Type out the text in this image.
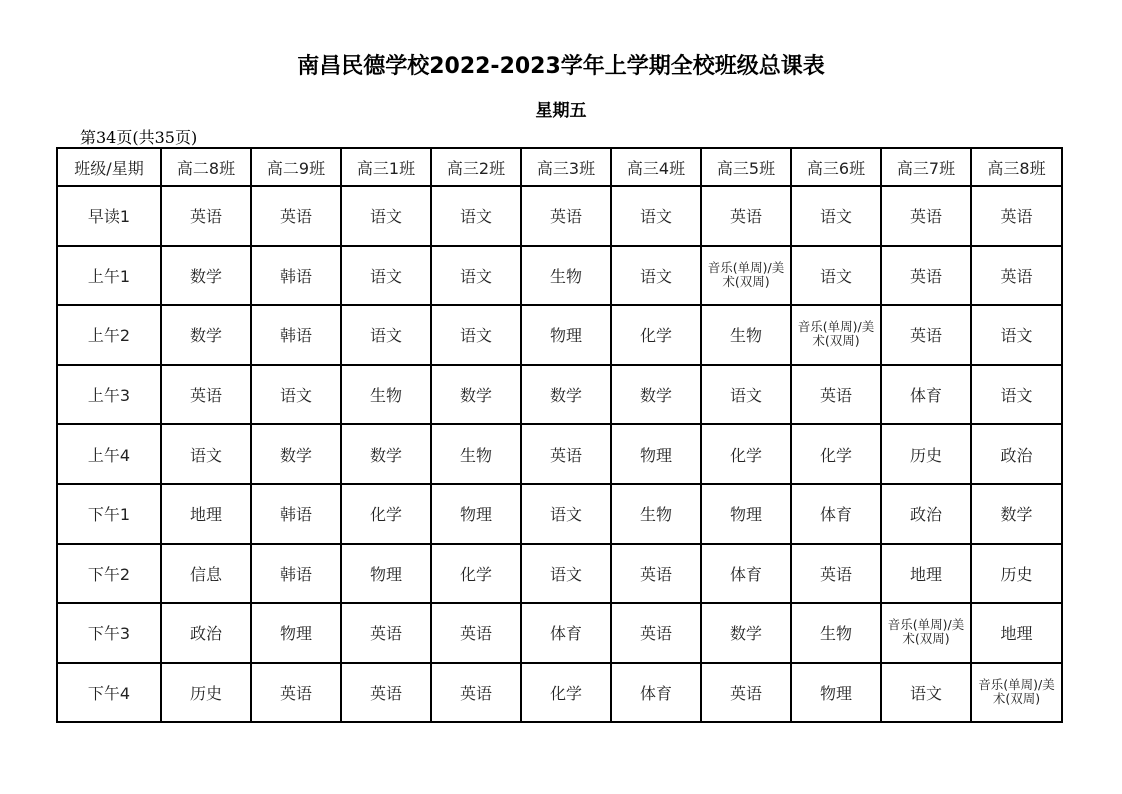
南昌民德学校2022-2023学年上学期全校班级总课表
星期五
第34页(共35页)
班级/星期	高二8班	高二9班	高三1班	高三2班	高三3班	高三4班	高三5班	高三6班	高三7班	高三8班
早读1	英语	英语	语文	语文	英语	语文	英语	语文	英语	英语
上午1	数学	韩语	语文	语文	生物	语文	音乐(单周)/美术(双周)	语文	英语	英语
上午2	数学	韩语	语文	语文	物理	化学	生物	音乐(单周)/美术(双周)	英语	语文
上午3	英语	语文	生物	数学	数学	数学	语文	英语	体育	语文
上午4	语文	数学	数学	生物	英语	物理	化学	化学	历史	政治
下午1	地理	韩语	化学	物理	语文	生物	物理	体育	政治	数学
下午2	信息	韩语	物理	化学	语文	英语	体育	英语	地理	历史
下午3	政治	物理	英语	英语	体育	英语	数学	生物	音乐(单周)/美术(双周)	地理
下午4	历史	英语	英语	英语	化学	体育	英语	物理	语文	音乐(单周)/美术(双周)
